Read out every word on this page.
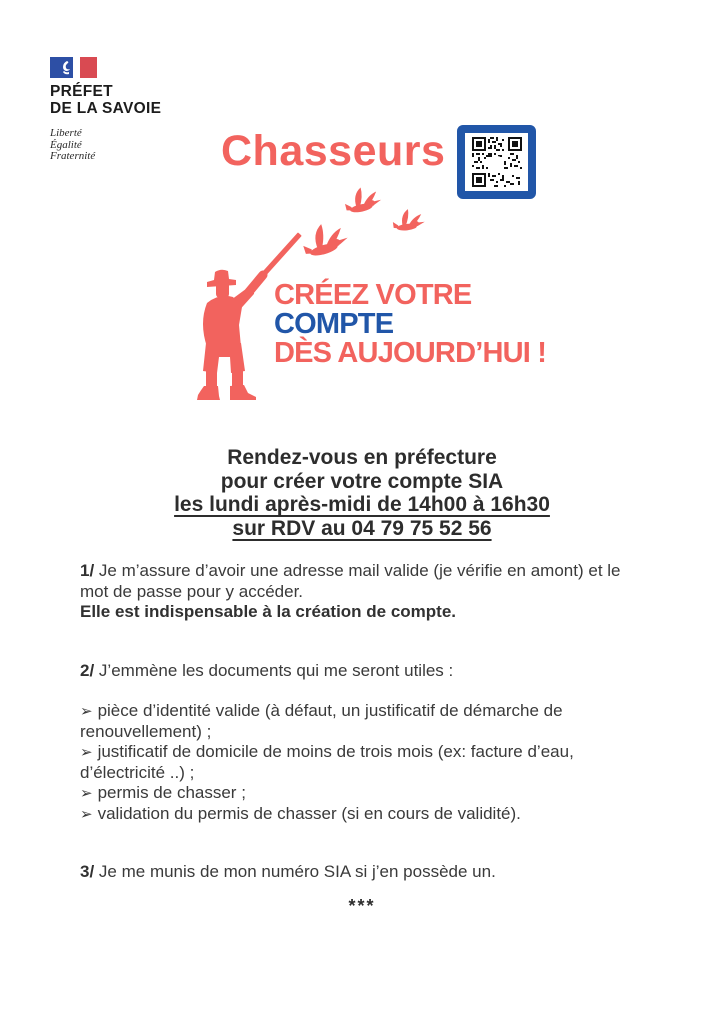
PRÉFET
DE LA SAVOIE
Liberté
Égalité
Fraternité	Chasseurs
CRÉEZ VOTRE
COMPTE
DÈS AUJOURD’HUI !
Rendez-vous en préfecture
pour créer votre compte SIA
les lundi après-midi de 14h00 à 16h30
sur RDV au 04 79 75 52 56

1/ Je m’assure d’avoir une adresse mail valide (je vérifie en amont) et le
mot de passe pour y accéder.
Elle est indispensable à la création de compte.

2/ J’emmène les documents qui me seront utiles :

➢ pièce d’identité valide (à défaut, un justificatif de démarche de
renouvellement) ;
➢ justificatif de domicile de moins de trois mois (ex: facture d’eau,
d’électricité ..) ;
➢ permis de chasser ;
➢ validation du permis de chasser (si en cours de validité).

3/ Je me munis de mon numéro SIA si j’en possède un.

***
